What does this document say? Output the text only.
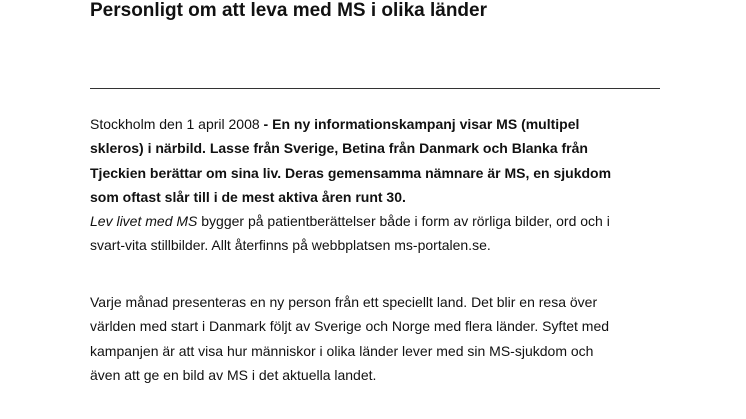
Personligt om att leva med MS i olika länder
Stockholm den 1 april 2008 - En ny informationskampanj visar MS (multipel
skleros) i närbild. Lasse från Sverige, Betina från Danmark och Blanka från
Tjeckien berättar om sina liv. Deras gemensamma nämnare är MS, en sjukdom
som oftast slår till i de mest aktiva åren runt 30.
Lev livet med MS bygger på patientberättelser både i form av rörliga bilder, ord och i
svart-vita stillbilder. Allt återfinns på webbplatsen ms-portalen.se.
Varje månad presenteras en ny person från ett speciellt land. Det blir en resa över
världen med start i Danmark följt av Sverige och Norge med flera länder. Syftet med
kampanjen är att visa hur människor i olika länder lever med sin MS-sjukdom och
även att ge en bild av MS i det aktuella landet.
